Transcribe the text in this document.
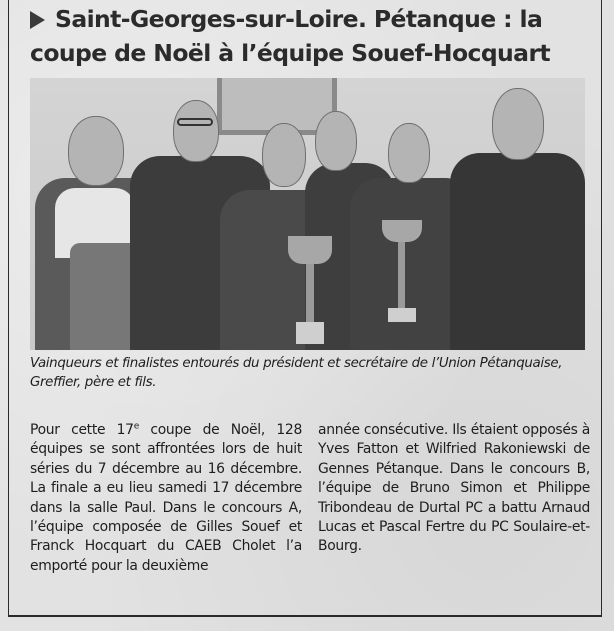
Saint-Georges-sur-Loire. Pétanque : la
coupe de Noël à l’équipe Souef-Hocquart

Vainqueurs et finalistes entourés du président et secrétaire de l’Union Pétanquaise, Greffier, père et fils.

Pour cette 17e coupe de Noël, 128 équipes se sont affrontées lors de huit séries du 7 décembre au 16 décembre. La finale a eu lieu samedi 17 décembre dans la salle Paul. Dans le concours A, l’équipe composée de Gilles Souef et Franck Hocquart du CAEB Cholet l’a emporté pour la deuxième

année consécutive. Ils étaient opposés à Yves Fatton et Wilfried Rakoniewski de Gennes Pétanque. Dans le concours B, l’équipe de Bruno Simon et Philippe Tribondeau de Durtal PC a battu Arnaud Lucas et Pascal Fertre du PC Soulaire-et-Bourg.
